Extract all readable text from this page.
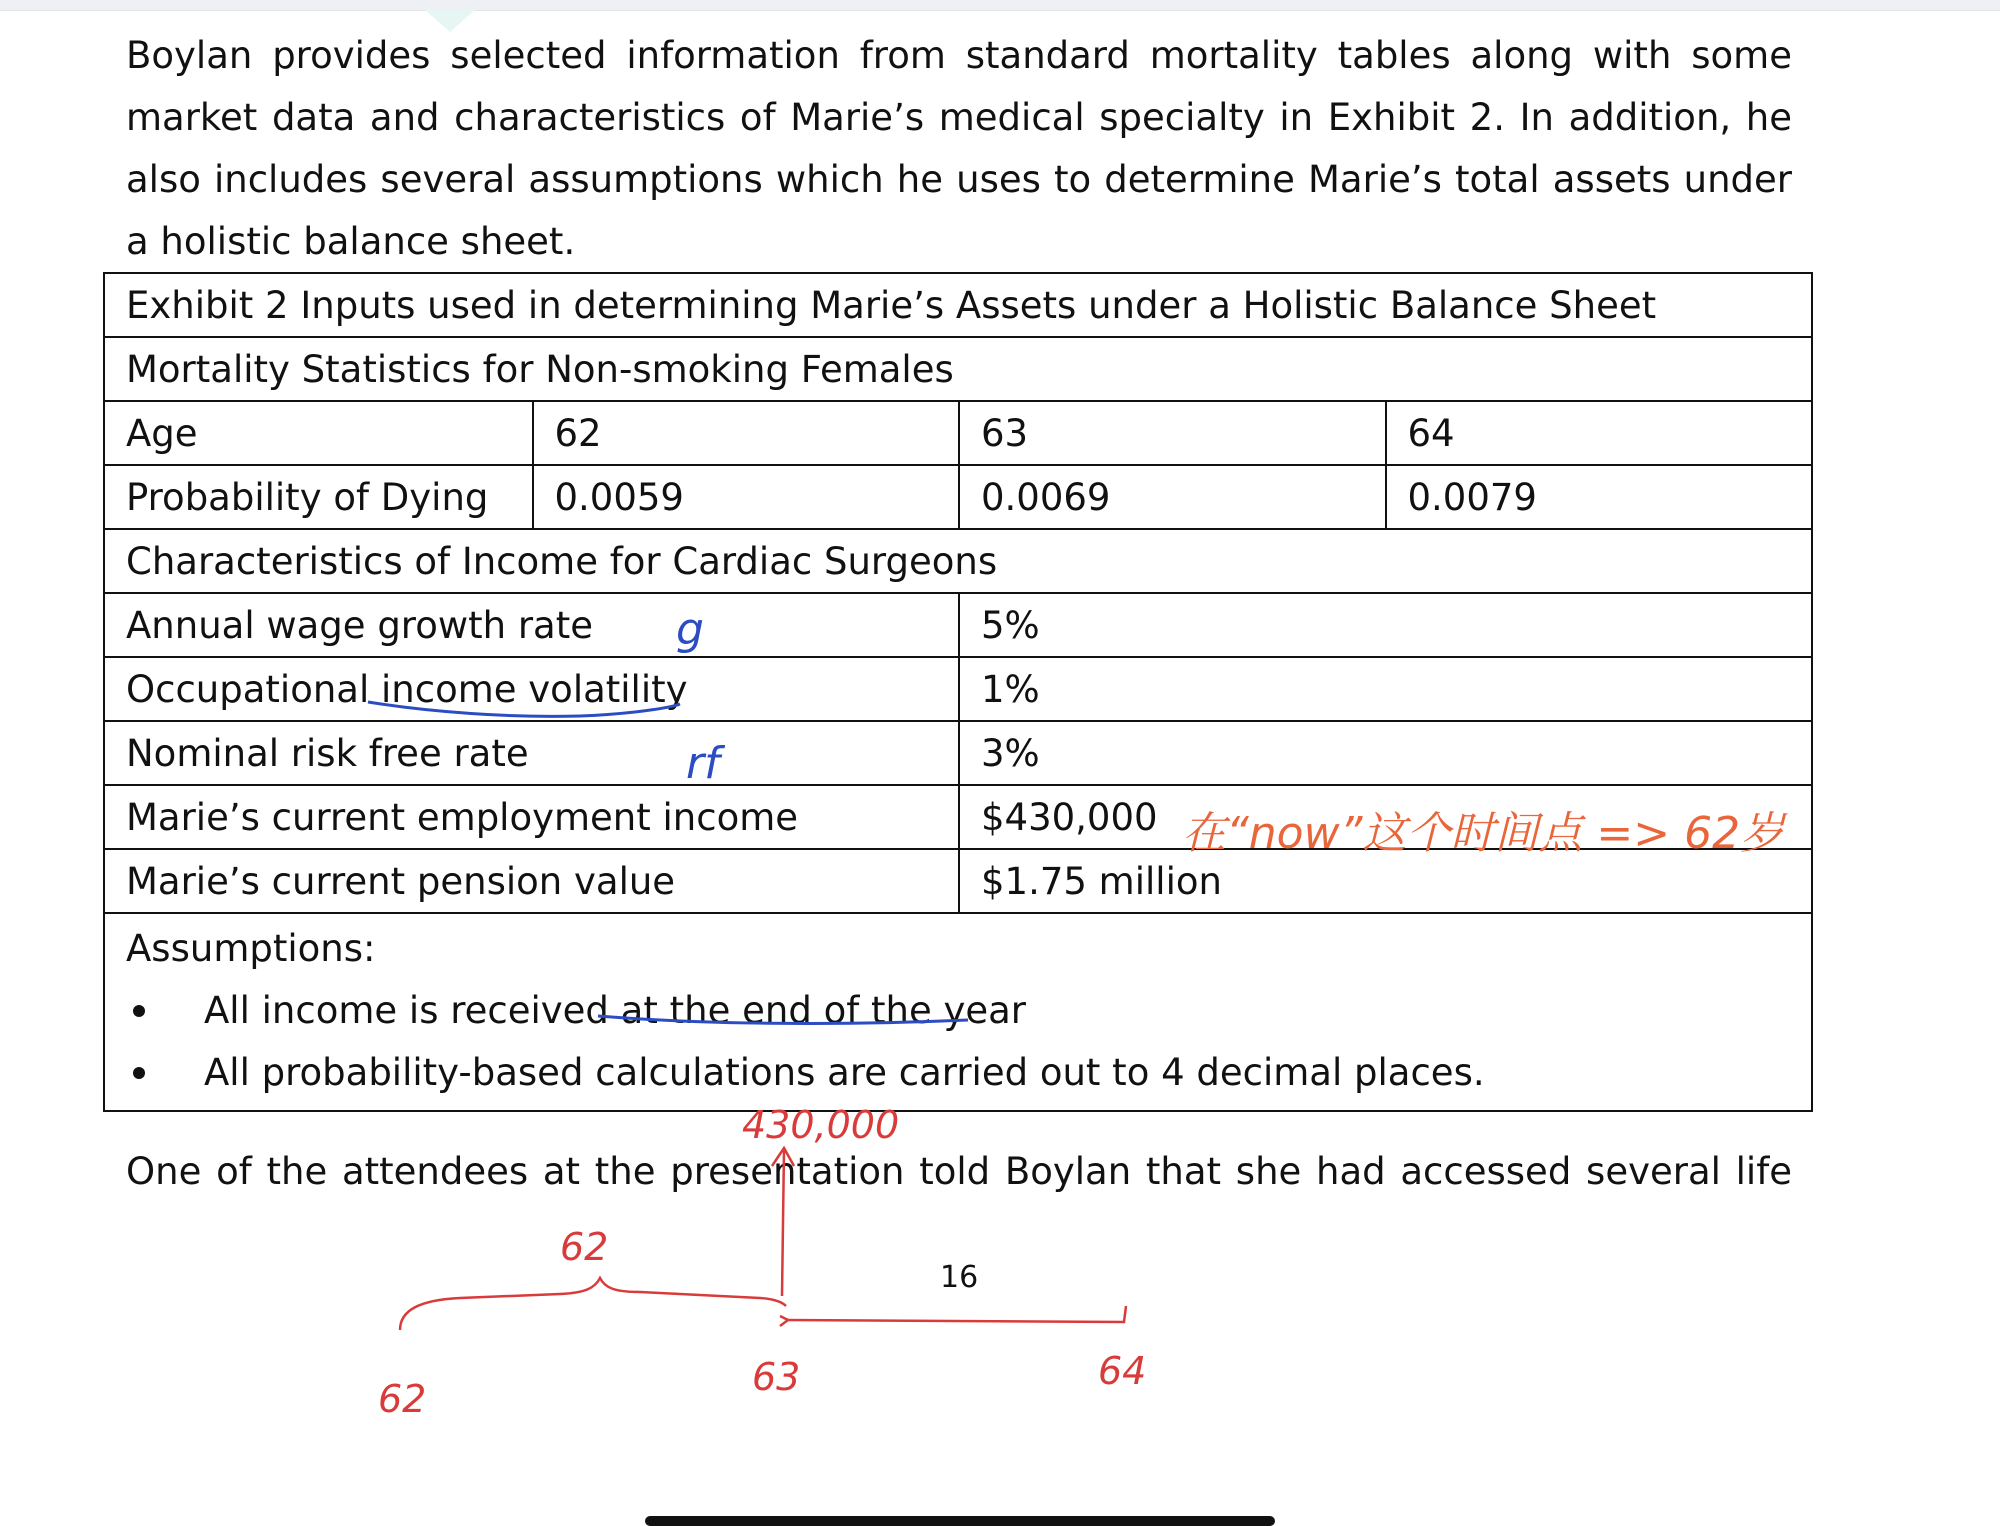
Boylan provides selected information from standard mortality tables along with some market data and characteristics of Marie’s medical specialty in Exhibit 2. In addition, he also includes several assumptions which he uses to determine Marie’s total assets under a holistic balance sheet.

Exhibit 2 Inputs used in determining Marie’s Assets under a Holistic Balance Sheet
Mortality Statistics for Non-smoking Females
Age	62	63	64
Probability of Dying	0.0059	0.0069	0.0079
Characteristics of Income for Cardiac Surgeons
Annual wage growth rate	5%
Occupational income volatility	1%
Nominal risk free rate	3%
Marie’s current employment income	$430,000
Marie’s current pension value	$1.75 million
Assumptions:
All income is received at the end of the year
All probability-based calculations are carried out to 4 decimal places.

One of the attendees at the presentation told Boylan that she had accessed several life

16
g
rf
在“now”这个时间点 => 62岁
430,000
62
62	63	64
